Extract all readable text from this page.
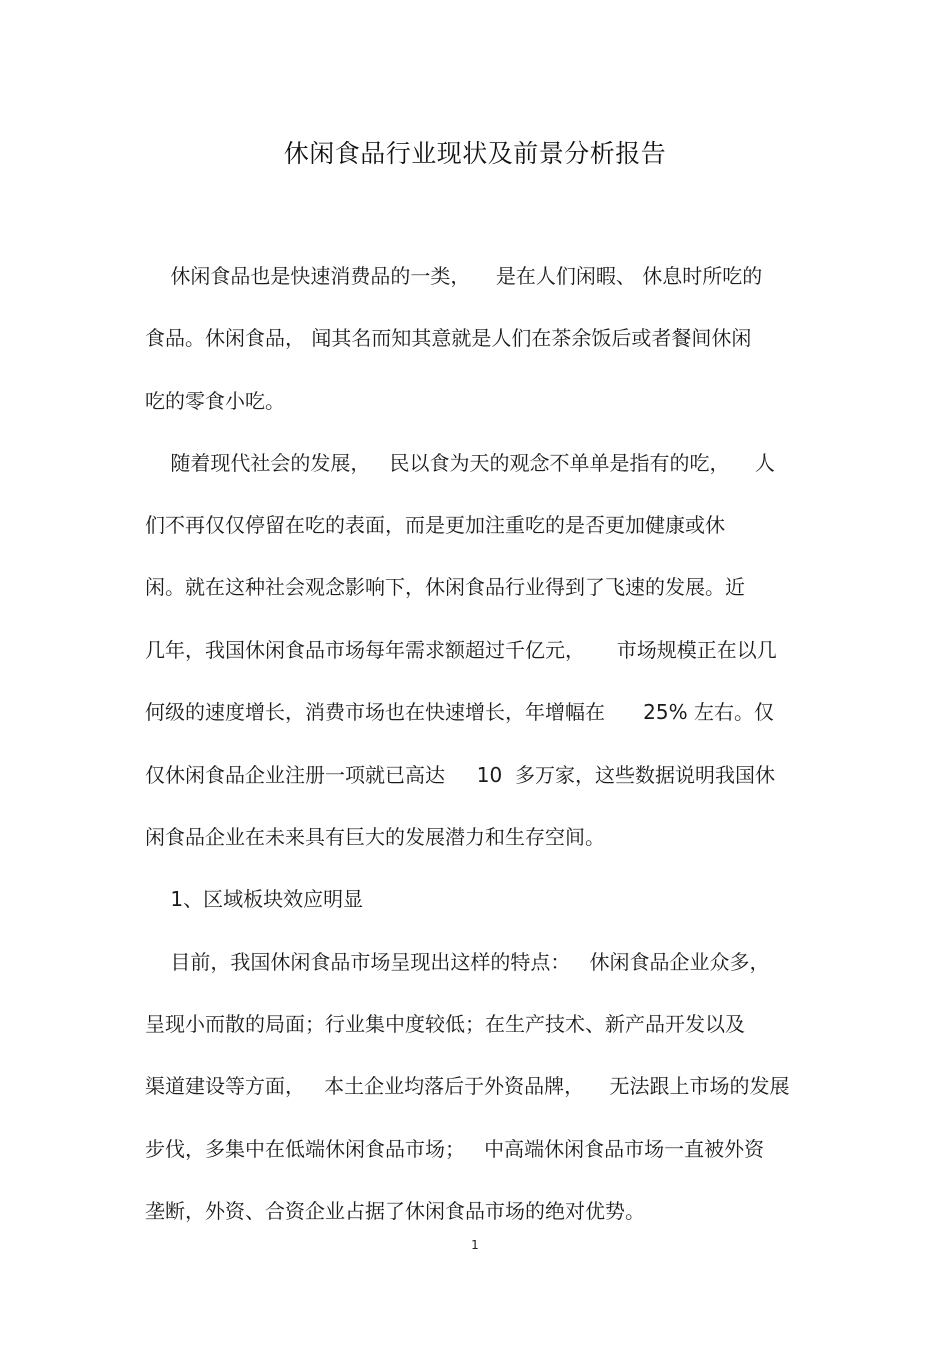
休闲食品行业现状及前景分析报告
休闲食品也是快速消费品的一类，    是在人们闲暇、 休息时所吃的
食品。休闲食品， 闻其名而知其意就是人们在茶余饭后或者餐间休闲
吃的零食小吃。
随着现代社会的发展，   民以食为天的观念不单单是指有的吃，    人
们不再仅仅停留在吃的表面，而是更加注重吃的是否更加健康或休
闲。就在这种社会观念影响下，休闲食品行业得到了飞速的发展。近
几年，我国休闲食品市场每年需求额超过千亿元，     市场规模正在以几
何级的速度增长，消费市场也在快速增长，年增幅在      25% 左右。仅
仅休闲食品企业注册一项就已高达     10  多万家，这些数据说明我国休
闲食品企业在未来具有巨大的发展潜力和生存空间。
1、区域板块效应明显
目前，我国休闲食品市场呈现出这样的特点：   休闲食品企业众多，
呈现小而散的局面；行业集中度较低；在生产技术、新产品开发以及
渠道建设等方面，   本土企业均落后于外资品牌，    无法跟上市场的发展
步伐，多集中在低端休闲食品市场；   中高端休闲食品市场一直被外资
垄断，外资、合资企业占据了休闲食品市场的绝对优势。
1
